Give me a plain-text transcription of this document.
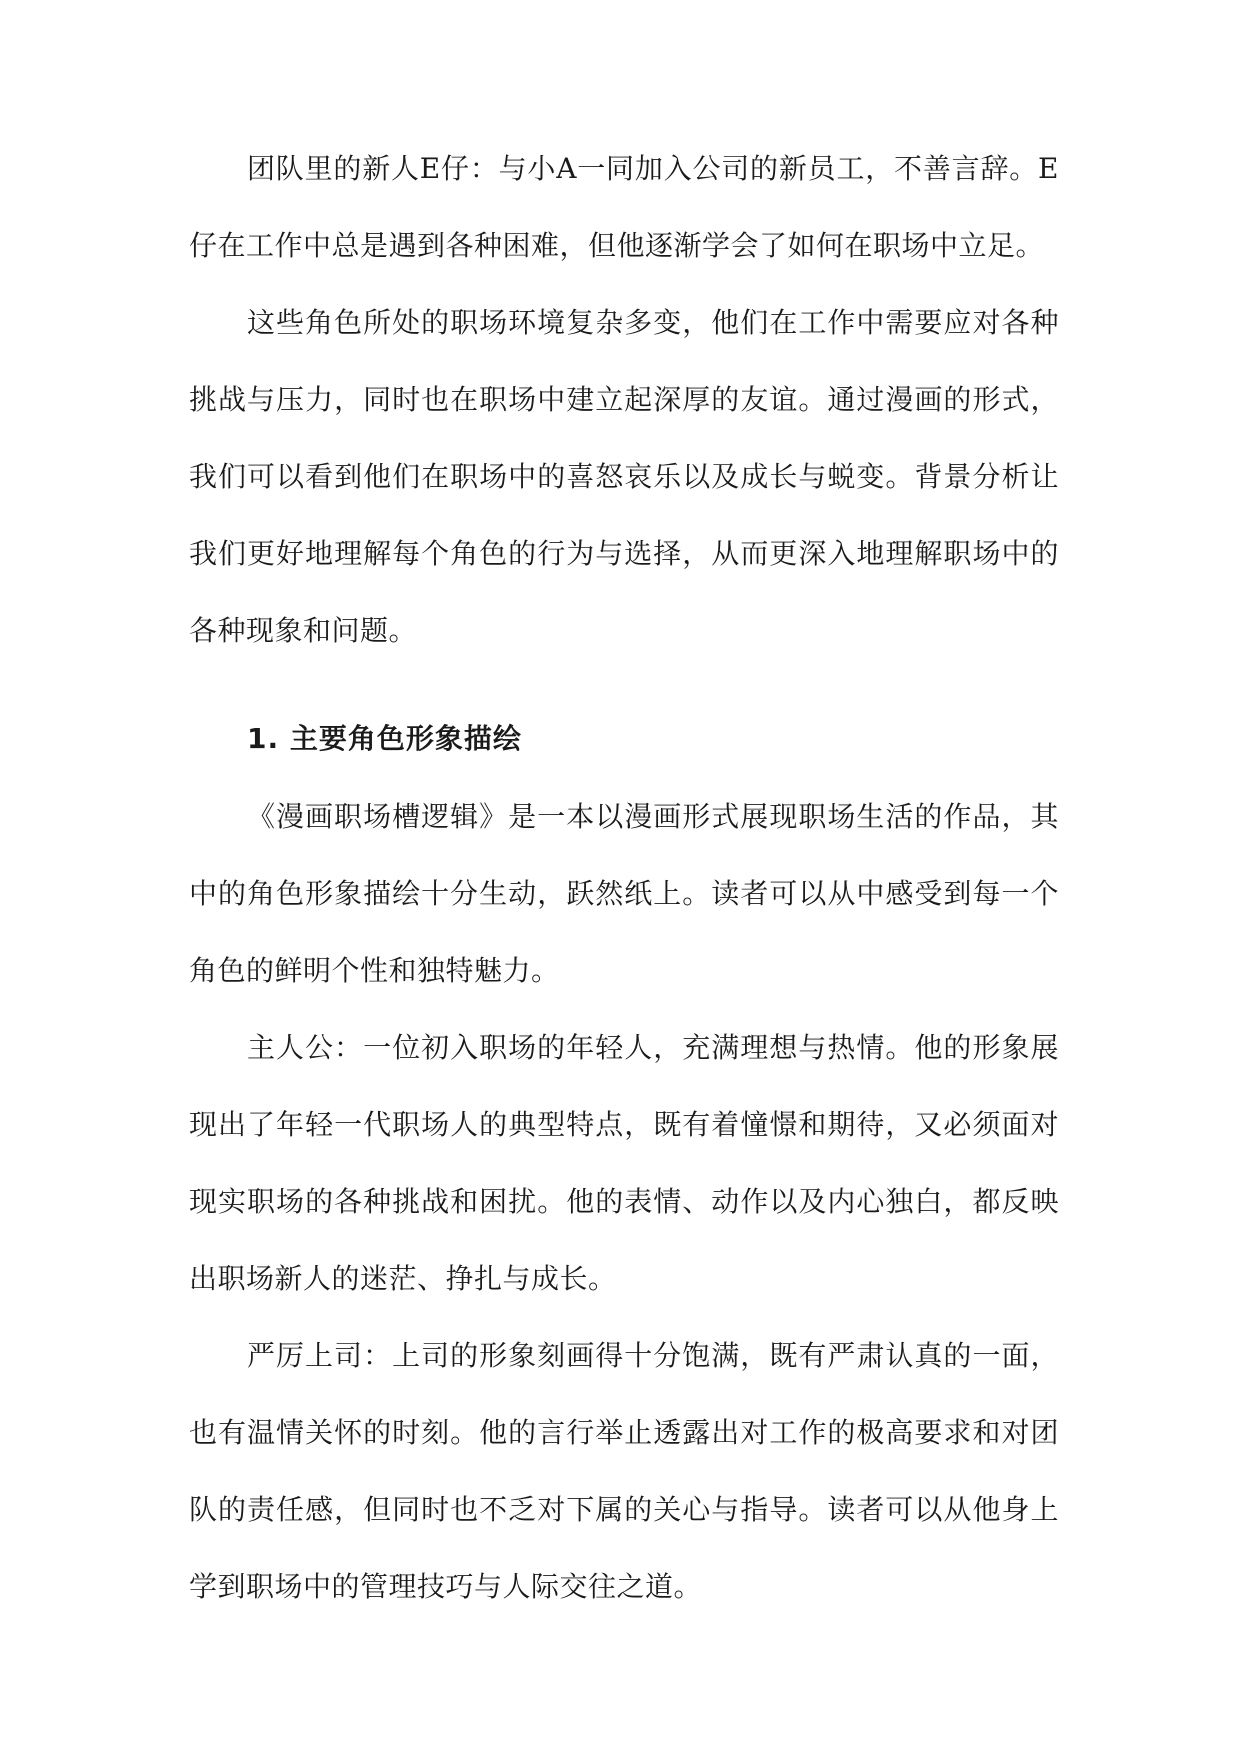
团队里的新人E仔：与小A一同加入公司的新员工，不善言辞。E仔在工作中总是遇到各种困难，但他逐渐学会了如何在职场中立足。

这些角色所处的职场环境复杂多变，他们在工作中需要应对各种挑战与压力，同时也在职场中建立起深厚的友谊。通过漫画的形式，我们可以看到他们在职场中的喜怒哀乐以及成长与蜕变。背景分析让我们更好地理解每个角色的行为与选择，从而更深入地理解职场中的各种现象和问题。

1. 主要角色形象描绘

《漫画职场槽逻辑》是一本以漫画形式展现职场生活的作品，其中的角色形象描绘十分生动，跃然纸上。读者可以从中感受到每一个角色的鲜明个性和独特魅力。

主人公：一位初入职场的年轻人，充满理想与热情。他的形象展现出了年轻一代职场人的典型特点，既有着憧憬和期待，又必须面对现实职场的各种挑战和困扰。他的表情、动作以及内心独白，都反映出职场新人的迷茫、挣扎与成长。

严厉上司：上司的形象刻画得十分饱满，既有严肃认真的一面，也有温情关怀的时刻。他的言行举止透露出对工作的极高要求和对团队的责任感，但同时也不乏对下属的关心与指导。读者可以从他身上学到职场中的管理技巧与人际交往之道。
